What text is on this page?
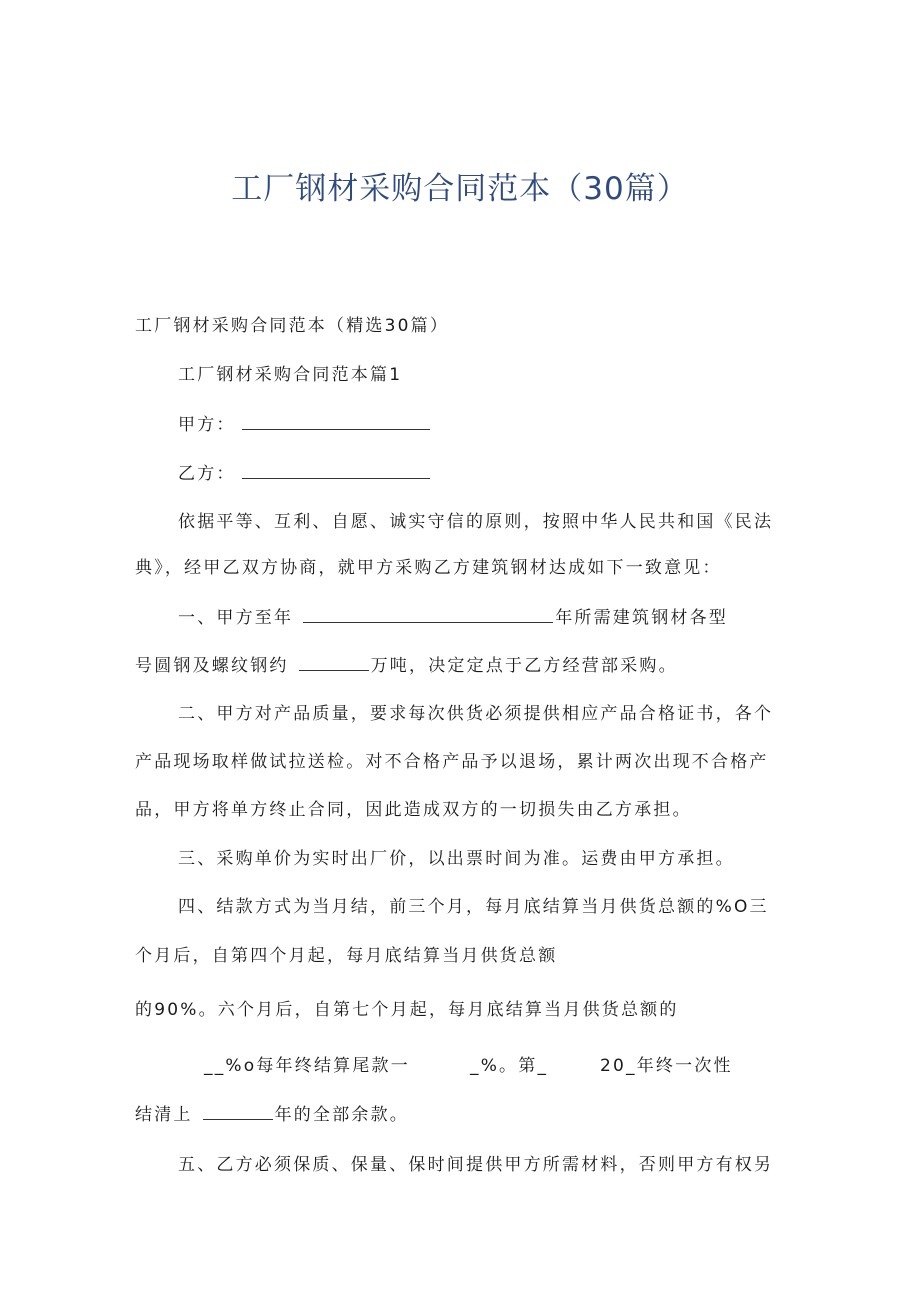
工厂钢材采购合同范本（30篇）
工厂钢材采购合同范本（精选30篇）
工厂钢材采购合同范本篇1
甲方：
乙方：
依据平等、互利、自愿、诚实守信的原则，按照中华人民共和国《民法
典》，经甲乙双方协商，就甲方采购乙方建筑钢材达成如下一致意见：
一、甲方至年	年所需建筑钢材各型
号圆钢及螺纹钢约	万吨，决定定点于乙方经营部采购。
二、甲方对产品质量，要求每次供货必须提供相应产品合格证书，各个
产品现场取样做试拉送检。对不合格产品予以退场，累计两次出现不合格产
品，甲方将单方终止合同，因此造成双方的一切损失由乙方承担。
三、采购单价为实时出厂价，以出票时间为准。运费由甲方承担。
四、结款方式为当月结，前三个月，每月底结算当月供货总额的%O三
个月后，自第四个月起，每月底结算当月供货总额
的90%。六个月后，自第七个月起，每月底结算当月供货总额的
__%o每年终结算尾款一	_%。第_	20_年终一次性
结清上	年的全部余款。
五、乙方必须保质、保量、保时间提供甲方所需材料，否则甲方有权另
